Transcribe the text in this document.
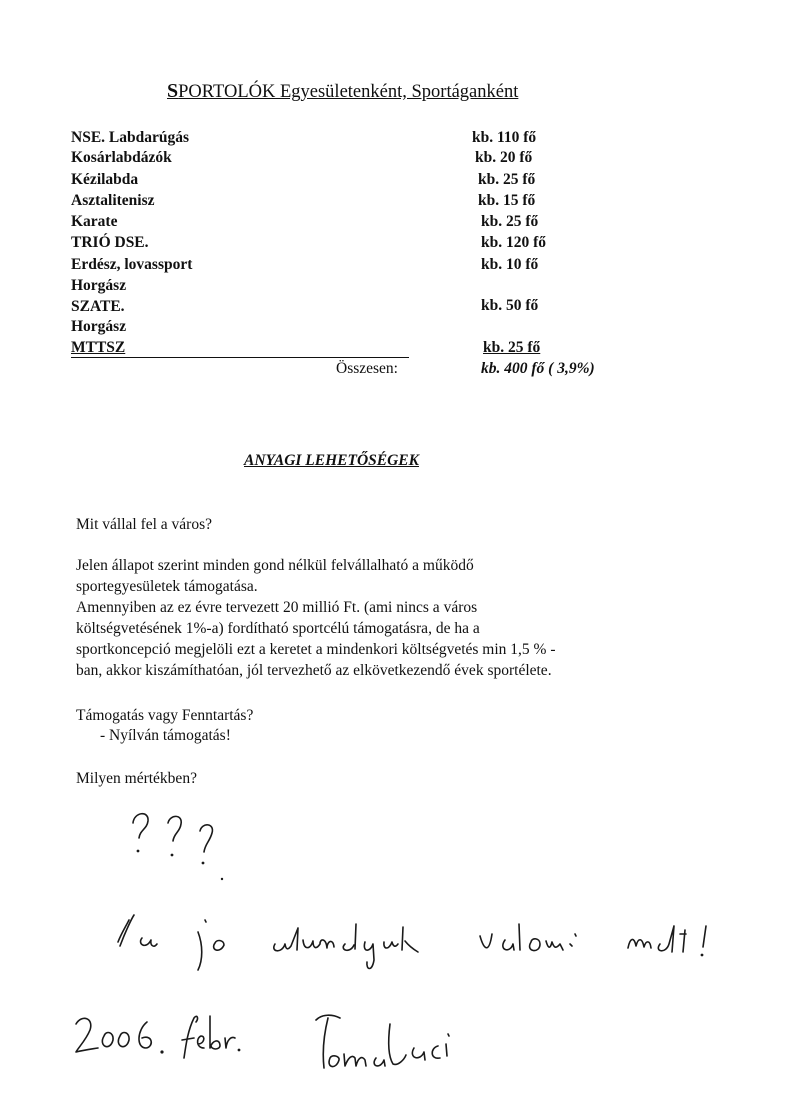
SPORTOLÓK Egyesületenként, Sportáganként
NSE. Labdarúgás	kb. 110 fő
Kosárlabdázók	kb. 20 fő
Kézilabda	kb. 25 fő
Asztalitenisz	kb. 15 fő
Karate	kb. 25 fő
TRIÓ DSE.	kb. 120 fő
Erdész, lovassport	kb. 10 fő
Horgász
SZATE.	kb. 50 fő
Horgász
MTTSZ	kb. 25 fő
Összesen:	kb. 400 fő ( 3,9%)
ANYAGI LEHETŐSÉGEK
Mit vállal fel a város?
Jelen állapot szerint minden gond nélkül felvállalható a működő
sportegyesületek támogatása.
Amennyiben az ez évre tervezett 20 millió Ft. (ami nincs a város
költségvetésének 1%-a) fordítható sportcélú támogatásra, de ha a
sportkoncepció megjelöli ezt a keretet a mindenkori költségvetés min 1,5 % -
ban, akkor kiszámíthatóan, jól tervezhető az elkövetkezendő évek sportélete.
Támogatás vagy Fenntartás?
- Nyílván támogatás!
Milyen mértékben?
